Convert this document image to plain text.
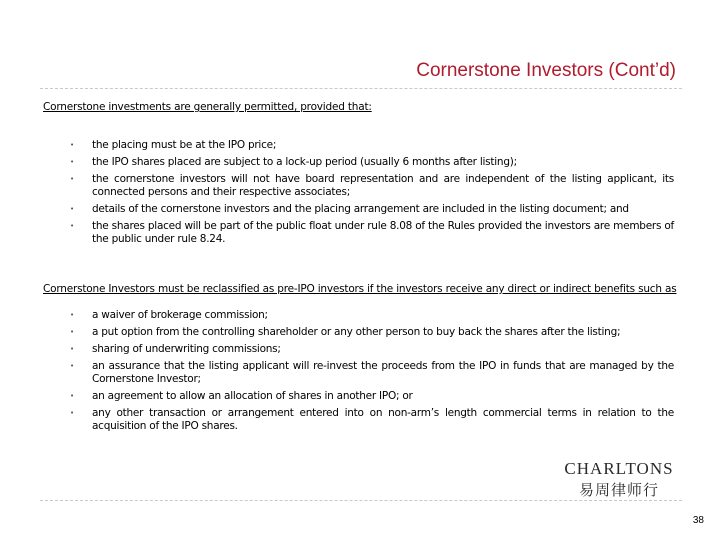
Cornerstone Investors (Cont’d)
Cornerstone investments are generally permitted, provided that:
• the placing must be at the IPO price;
• the IPO shares placed are subject to a lock-up period (usually 6 months after listing);
• the cornerstone investors will not have board representation and are independent of the listing applicant, its connected persons and their respective associates;
• details of the cornerstone investors and the placing arrangement are included in the listing document; and
• the shares placed will be part of the public float under rule 8.08 of the Rules provided the investors are members of the public under rule 8.24.
Cornerstone Investors must be reclassified as pre-IPO investors if the investors receive any direct or indirect benefits such as
• a waiver of brokerage commission;
• a put option from the controlling shareholder or any other person to buy back the shares after the listing;
• sharing of underwriting commissions;
• an assurance that the listing applicant will re-invest the proceeds from the IPO in funds that are managed by the Cornerstone Investor;
• an agreement to allow an allocation of shares in another IPO; or
• any other transaction or arrangement entered into on non-arm’s length commercial terms in relation to the acquisition of the IPO shares.
CHARLTONS
易周律师行
38
